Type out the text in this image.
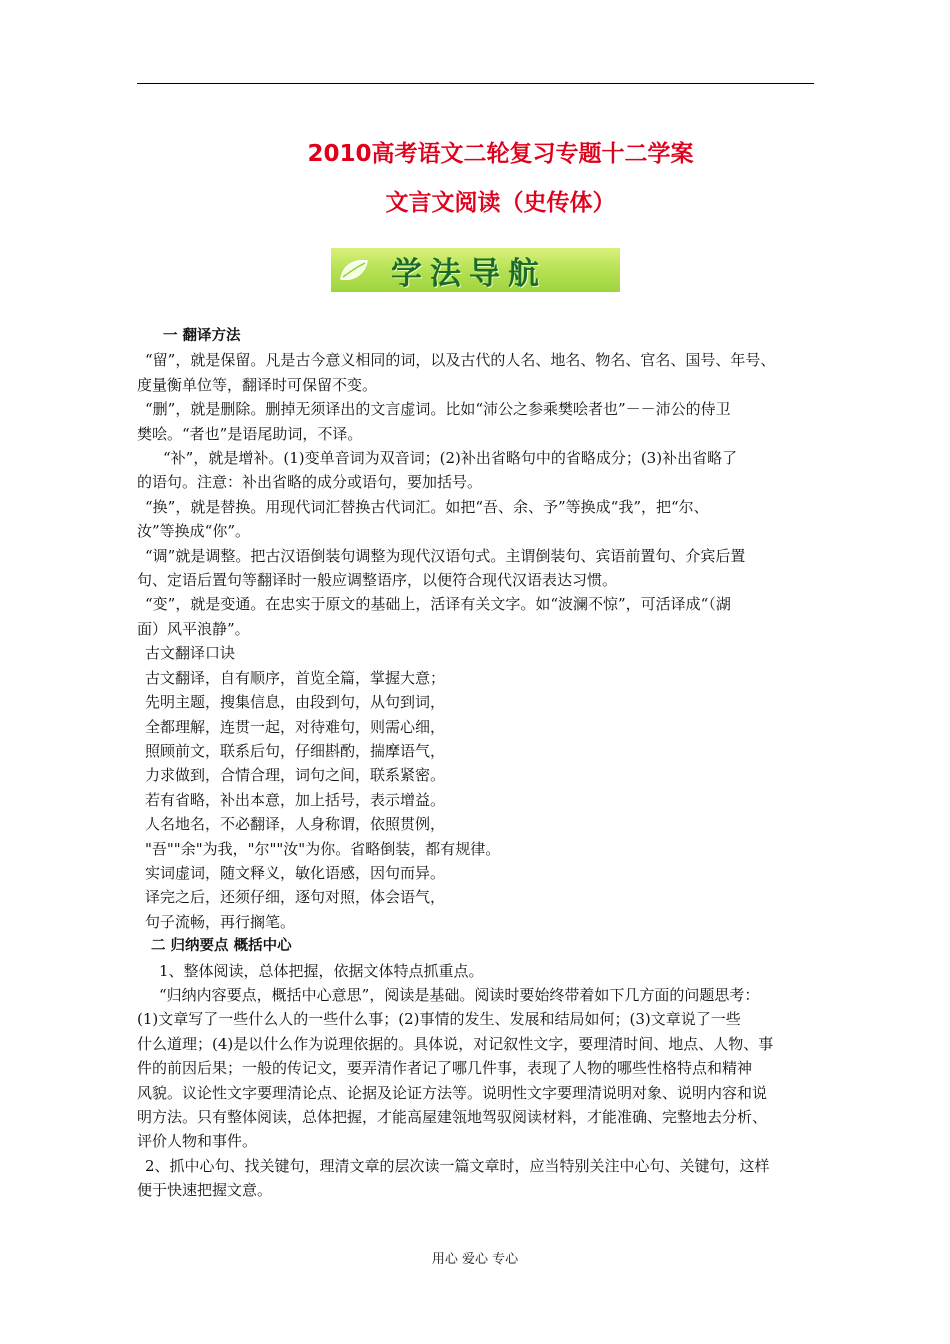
2010高考语文二轮复习专题十二学案
文言文阅读（史传体）
学法导航

一 翻译方法

“留”，就是保留。凡是古今意义相同的词，以及古代的人名、地名、物名、官名、国号、年号、

度量衡单位等，翻译时可保留不变。

“删”，就是删除。删掉无须译出的文言虚词。比如“沛公之参乘樊哙者也”－－沛公的侍卫

樊哙。“者也”是语尾助词，不译。

“补”，就是增补。(1)变单音词为双音词；(2)补出省略句中的省略成分；(3)补出省略了

的语句。注意：补出省略的成分或语句，要加括号。

“换”，就是替换。用现代词汇替换古代词汇。如把“吾、余、予”等换成“我”，把“尔、

汝”等换成“你”。

“调”就是调整。把古汉语倒装句调整为现代汉语句式。主谓倒装句、宾语前置句、介宾后置

句、定语后置句等翻译时一般应调整语序，以便符合现代汉语表达习惯。

“变”，就是变通。在忠实于原文的基础上，活译有关文字。如“波澜不惊”，可活译成“（湖

面）风平浪静”。

古文翻译口诀

古文翻译，自有顺序，首览全篇，掌握大意；

先明主题，搜集信息，由段到句，从句到词，

全都理解，连贯一起，对待难句，则需心细，

照顾前文，联系后句，仔细斟酌，揣摩语气，

力求做到，合情合理，词句之间，联系紧密。

若有省略，补出本意，加上括号，表示增益。

人名地名，不必翻译，人身称谓，依照贯例，

"吾""余"为我，"尔""汝"为你。省略倒装，都有规律。

实词虚词，随文释义，敏化语感，因句而异。

译完之后，还须仔细，逐句对照，体会语气，

句子流畅，再行搁笔。

二 归纳要点 概括中心

1、整体阅读，总体把握，依据文体特点抓重点。

“归纳内容要点，概括中心意思”，阅读是基础。阅读时要始终带着如下几方面的问题思考：

(1)文章写了一些什么人的一些什么事；(2)事情的发生、发展和结局如何；(3)文章说了一些

什么道理；(4)是以什么作为说理依据的。具体说，对记叙性文字，要理清时间、地点、人物、事

件的前因后果；一般的传记文，要弄清作者记了哪几件事，表现了人物的哪些性格特点和精神

风貌。议论性文字要理清论点、论据及论证方法等。说明性文字要理清说明对象、说明内容和说

明方法。只有整体阅读，总体把握，才能高屋建瓴地驾驭阅读材料，才能准确、完整地去分析、

评价人物和事件。

2、抓中心句、找关键句，理清文章的层次读一篇文章时，应当特别关注中心句、关键句，这样

便于快速把握文意。

用心 爱心 专心
